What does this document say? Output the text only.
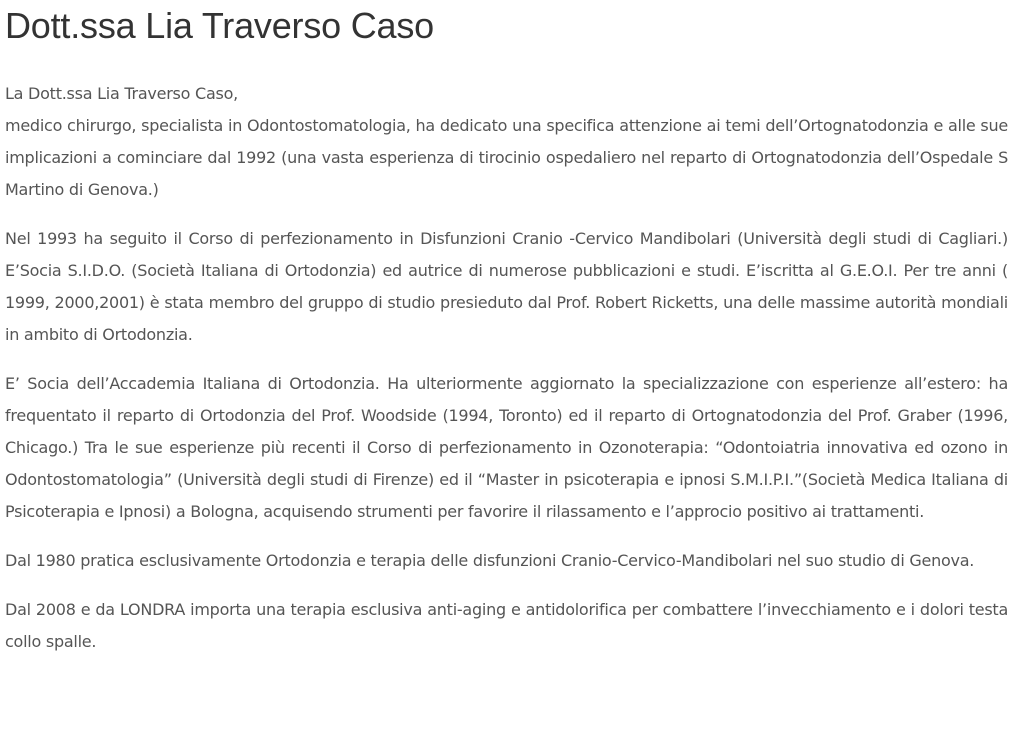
Dott.ssa Lia Traverso Caso

La Dott.ssa Lia Traverso Caso,
medico chirurgo, specialista in Odontostomatologia, ha dedicato una specifica attenzione ai temi dell’Ortognatodonzia e alle sue implicazioni a cominciare dal 1992 (una vasta esperienza di tirocinio ospedaliero nel reparto di Ortognatodonzia dell’Ospedale S Martino di Genova.)

Nel 1993 ha seguito il Corso di perfezionamento in Disfunzioni Cranio -Cervico Mandibolari (Università degli studi di Cagliari.) E’Socia S.I.D.O. (Società Italiana di Ortodonzia) ed autrice di numerose pubblicazioni e studi. E’iscritta al G.E.O.I. Per tre anni ( 1999, 2000,2001) è stata membro del gruppo di studio presieduto dal Prof. Robert Ricketts, una delle massime autorità mondiali in ambito di Ortodonzia.

E’ Socia dell’Accademia Italiana di Ortodonzia. Ha ulteriormente aggiornato la specializzazione con esperienze all’estero: ha frequentato il reparto di Ortodonzia del Prof. Woodside (1994, Toronto) ed il reparto di Ortognatodonzia del Prof. Graber (1996, Chicago.) Tra le sue esperienze più recenti il Corso di perfezionamento in Ozonoterapia: “Odontoiatria innovativa ed ozono in Odontostomatologia” (Università degli studi di Firenze) ed il “Master in psicoterapia e ipnosi S.M.I.P.I.”(Società Medica Italiana di Psicoterapia e Ipnosi) a Bologna, acquisendo strumenti per favorire il rilassamento e l’approcio positivo ai trattamenti.

Dal 1980 pratica esclusivamente Ortodonzia e terapia delle disfunzioni Cranio-Cervico-Mandibolari nel suo studio di Genova.

Dal 2008 e da LONDRA importa una terapia esclusiva anti-aging e antidolorifica per combattere l’invecchiamento e i dolori testa collo spalle.
